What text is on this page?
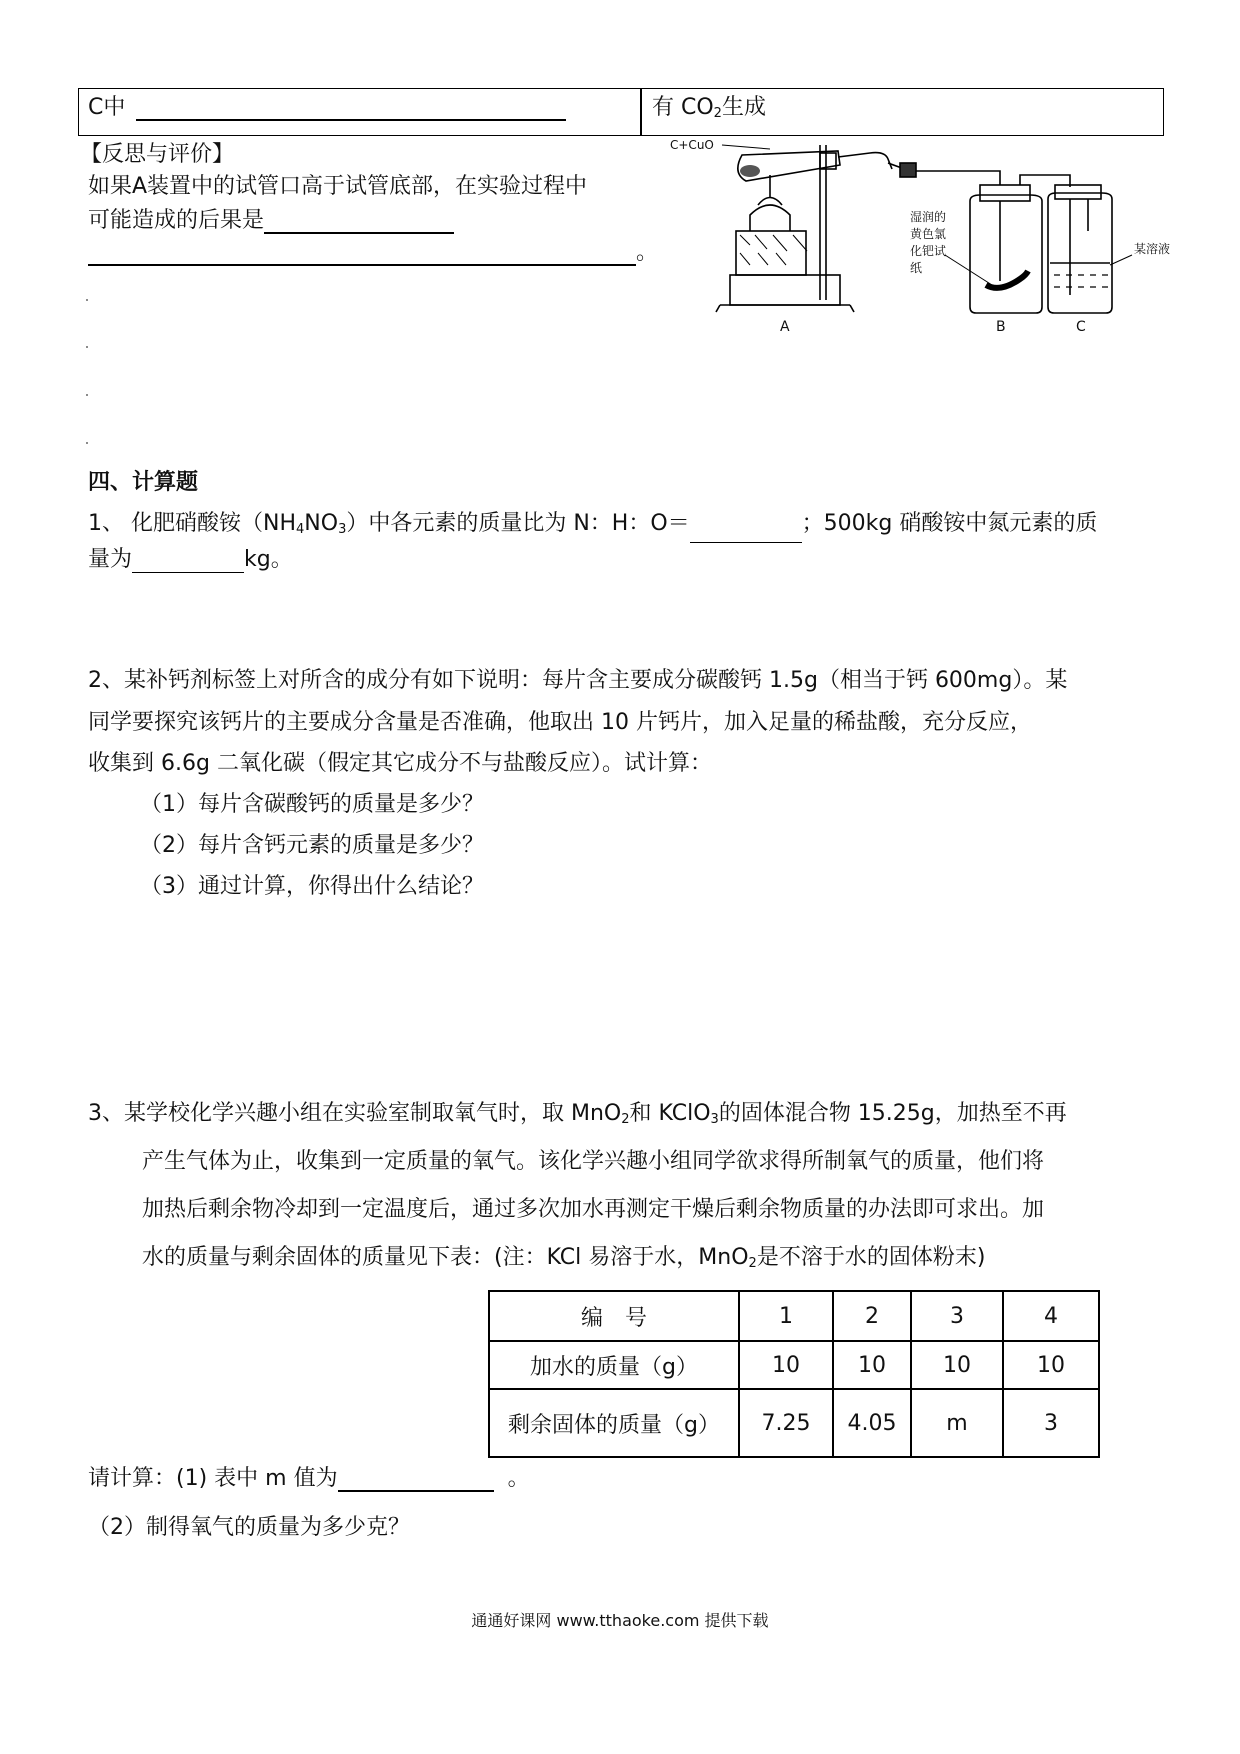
C中	有 $CO_2$生成
【反思与评价】
如果A装置中的试管口高于试管底部，在实验过程中
可能造成的后果是
。
C+CuO
湿润的
黄色氯
化钯试
纸
某溶液
A	B	C
四、计算题
1、 化肥硝酸铵$(NH_4NO_3)$中各元素的质量比为 N：H：O＝	；500kg 硝酸铵中氮元素的质
量为	kg。
2、某补钙剂标签上对所含的成分有如下说明：每片含主要成分碳酸钙 1.5g（相当于钙 600mg）。某
同学要探究该钙片的主要成分含量是否准确，他取出 10 片钙片，加入足量的稀盐酸，充分反应，
收集到 6.6g 二氧化碳（假定其它成分不与盐酸反应）。试计算：
（1）每片含碳酸钙的质量是多少？
（2）每片含钙元素的质量是多少？
（3）通过计算，你得出什么结论？
3、某学校化学兴趣小组在实验室制取氧气时，取 MnO$_2$和 KClO$_3$的固体混合物 15.25g，加热至不再
产生气体为止，收集到一定质量的氧气。该化学兴趣小组同学欲求得所制氧气的质量，他们将
加热后剩余物冷却到一定温度后，通过多次加水再测定干燥后剩余物质量的办法即可求出。加
水的质量与剩余固体的质量见下表：(注：KCl 易溶于水，MnO$_2$是不溶于水的固体粉末)
编　号	1	2	3	4
加水的质量（g）	10	10	10	10
剩余固体的质量（g）	7.25	4.05	m	3
请计算：(1) 表中 m 值为	。
（2）制得氧气的质量为多少克？
通通好课网 www.tthaoke.com 提供下载
